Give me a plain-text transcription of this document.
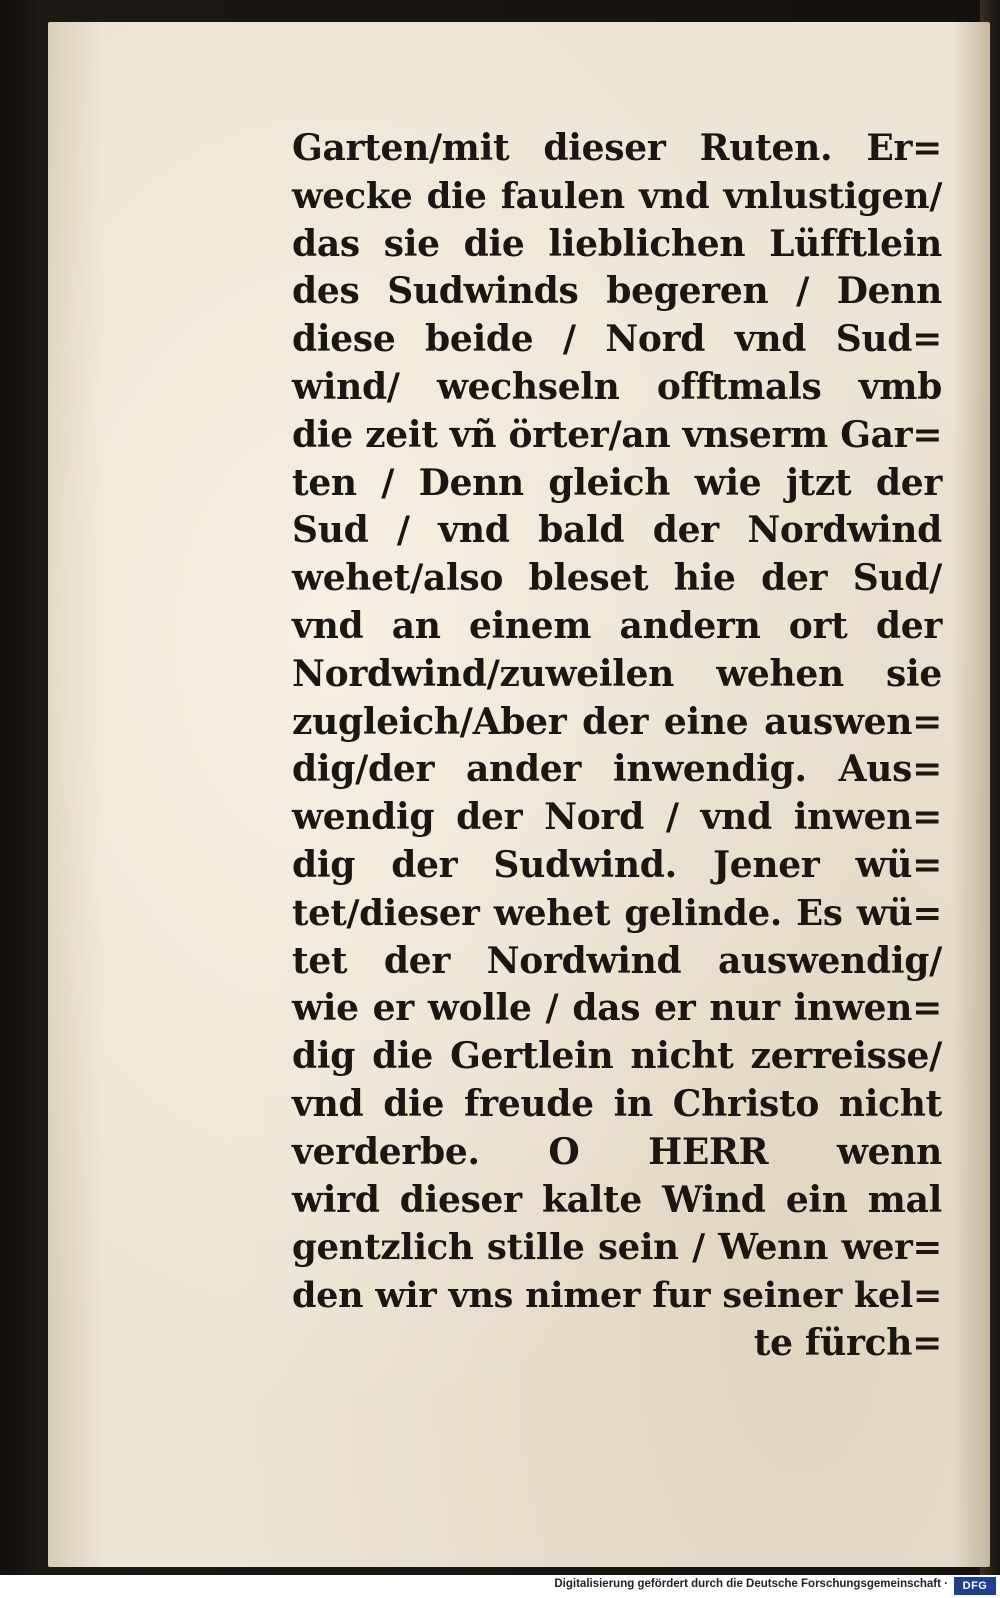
Garten/mit dieser Ruten. Er=
wecke die faulen vnd vnlustigen/
das sie die lieblichen Lüfftlein
des Sudwinds begeren / Denn
diese beide / Nord vnd Sud=
wind/ wechseln offtmals vmb
die zeit vñ örter/an vnserm Gar=
ten / Denn gleich wie jtzt der
Sud / vnd bald der Nordwind
wehet/also bleset hie der Sud/
vnd an einem andern ort der
Nordwind/zuweilen wehen sie
zugleich/Aber der eine auswen=
dig/der ander inwendig. Aus=
wendig der Nord / vnd inwen=
dig der Sudwind. Jener wü=
tet/dieser wehet gelinde. Es wü=
tet der Nordwind auswendig/
wie er wolle / das er nur inwen=
dig die Gertlein nicht zerreisse/
vnd die freude in Christo nicht
verderbe. O HERR wenn
wird dieser kalte Wind ein mal
gentzlich stille sein / Wenn wer=
den wir vns nimer fur seiner kel=
te fürch=
Digitalisierung gefördert durch die Deutsche Forschungsgemeinschaft ·	DFG
